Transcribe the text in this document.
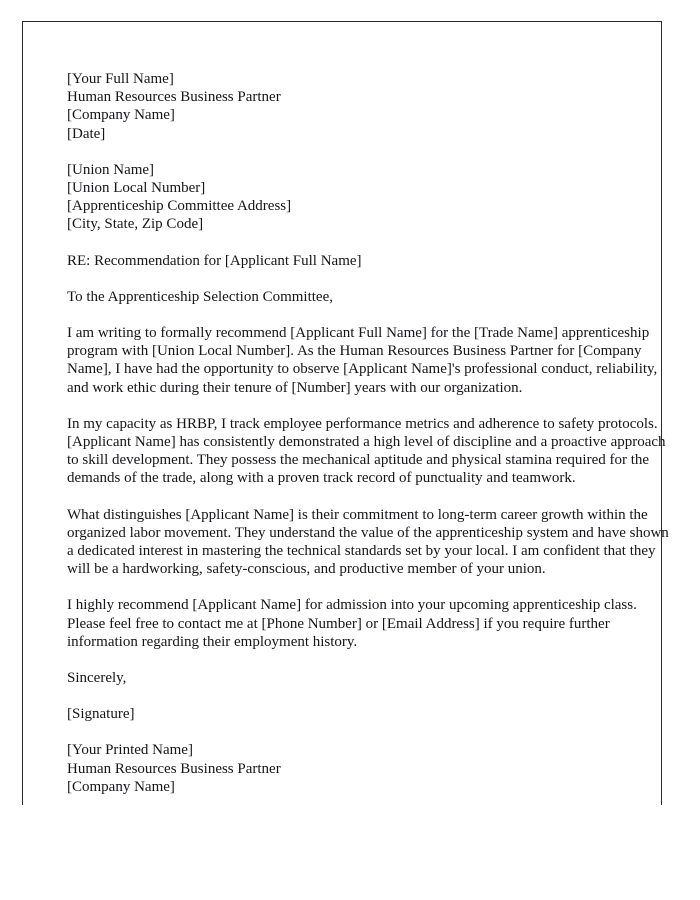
[Your Full Name]
Human Resources Business Partner
[Company Name]
[Date]
[Union Name]
[Union Local Number]
[Apprenticeship Committee Address]
[City, State, Zip Code]

RE: Recommendation for [Applicant Full Name]

To the Apprenticeship Selection Committee,

I am writing to formally recommend [Applicant Full Name] for the [Trade Name] apprenticeship program with [Union Local Number]. As the Human Resources Business Partner for [Company Name], I have had the opportunity to observe [Applicant Name]'s professional conduct, reliability, and work ethic during their tenure of [Number] years with our organization.

In my capacity as HRBP, I track employee performance metrics and adherence to safety protocols. [Applicant Name] has consistently demonstrated a high level of discipline and a proactive approach to skill development. They possess the mechanical aptitude and physical stamina required for the demands of the trade, along with a proven track record of punctuality and teamwork.

What distinguishes [Applicant Name] is their commitment to long-term career growth within the organized labor movement. They understand the value of the apprenticeship system and have shown a dedicated interest in mastering the technical standards set by your local. I am confident that they will be a hardworking, safety-conscious, and productive member of your union.

I highly recommend [Applicant Name] for admission into your upcoming apprenticeship class. Please feel free to contact me at [Phone Number] or [Email Address] if you require further information regarding their employment history.

Sincerely,

[Signature]

[Your Printed Name]
Human Resources Business Partner
[Company Name]
